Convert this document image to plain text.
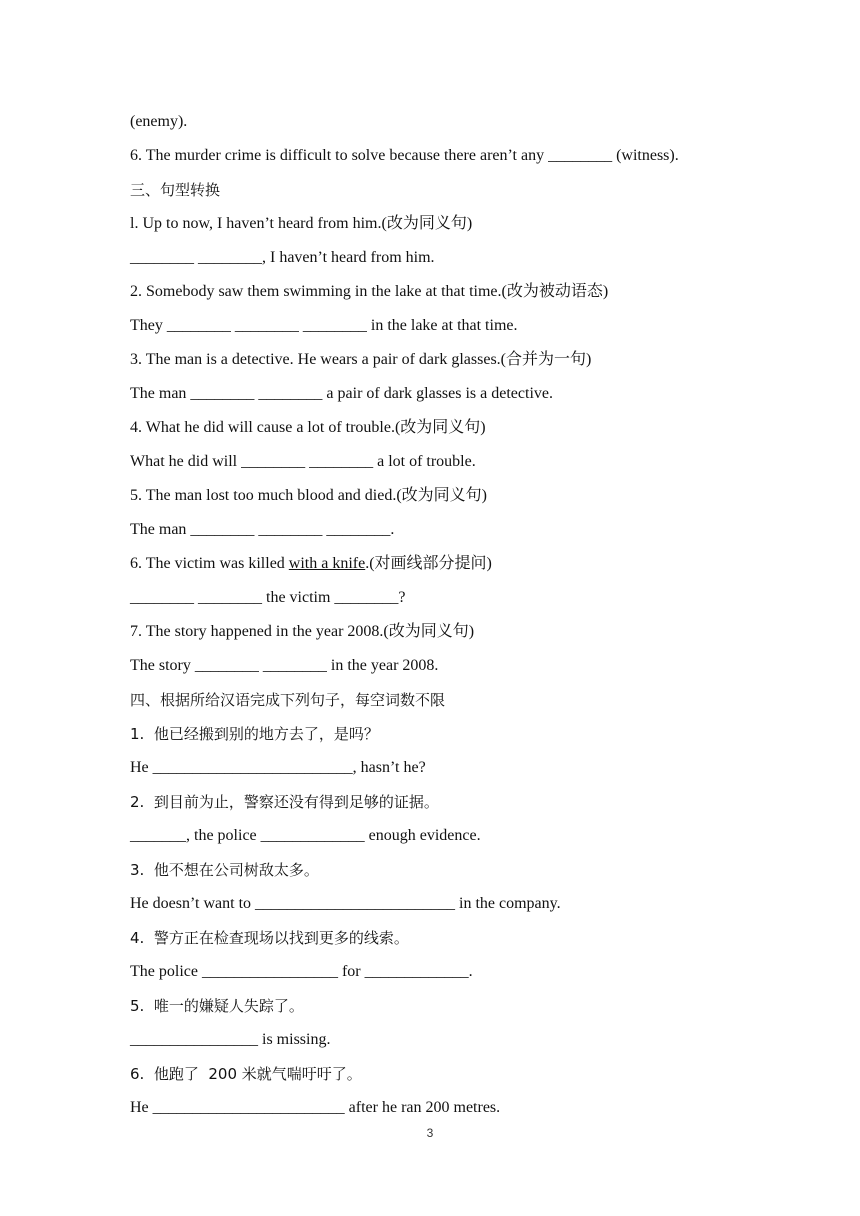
(enemy).
6. The murder crime is difficult to solve because there aren’t any ________ (witness).
三、句型转换
l. Up to now, I haven’t heard from him.(改为同义句)
________ ________, I haven’t heard from him.
2. Somebody saw them swimming in the lake at that time.(改为被动语态)
They ________ ________ ________ in the lake at that time.
3. The man is a detective. He wears a pair of dark glasses.(合并为一句)
The man ________ ________ a pair of dark glasses is a detective.
4. What he did will cause a lot of trouble.(改为同义句)
What he did will ________ ________ a lot of trouble.
5. The man lost too much blood and died.(改为同义句)
The man ________ ________ ________.
6. The victim was killed with a knife.(对画线部分提问)
________ ________ the victim ________?
7. The story happened in the year 2008.(改为同义句)
The story ________ ________ in the year 2008.
四、根据所给汉语完成下列句子，每空词数不限
1.  他已经搬到别的地方去了，是吗？
He _________________________, hasn’t he?
2.  到目前为止，警察还没有得到足够的证据。
_______, the police _____________ enough evidence.
3.  他不想在公司树敌太多。
He doesn’t want to _________________________ in the company.
4.  警方正在检查现场以找到更多的线索。
The police _________________ for _____________.
5.  唯一的嫌疑人失踪了。
________________ is missing.
6.  他跑了  200 米就气喘吁吁了。
He ________________________ after he ran 200 metres.
3
